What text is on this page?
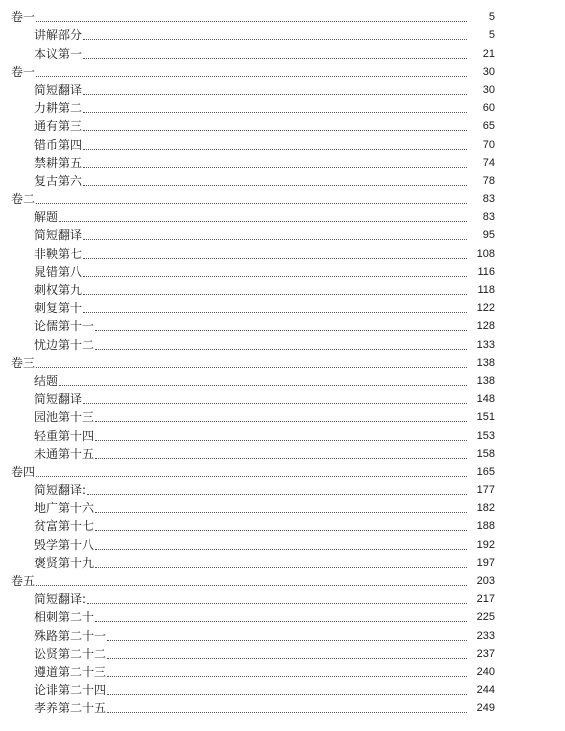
卷一	5
讲解部分	5
本议第一	21
卷一	30
简短翻译	30
力耕第二	60
通有第三	65
错币第四	70
禁耕第五	74
复古第六	78
卷二	83
解题	83
简短翻译	95
非鞅第七	108
晁错第八	116
刺权第九	118
刺复第十	122
论儒第十一	128
忧边第十二	133
卷三	138
结题	138
简短翻译	148
园池第十三	151
轻重第十四	153
未通第十五	158
卷四	165
简短翻译:	177
地广第十六	182
贫富第十七	188
毁学第十八	192
褒贤第十九	197
卷五	203
简短翻译:	217
相刺第二十	225
殊路第二十一	233
讼贤第二十二	237
遵道第二十三	240
论诽第二十四	244
孝养第二十五	249
